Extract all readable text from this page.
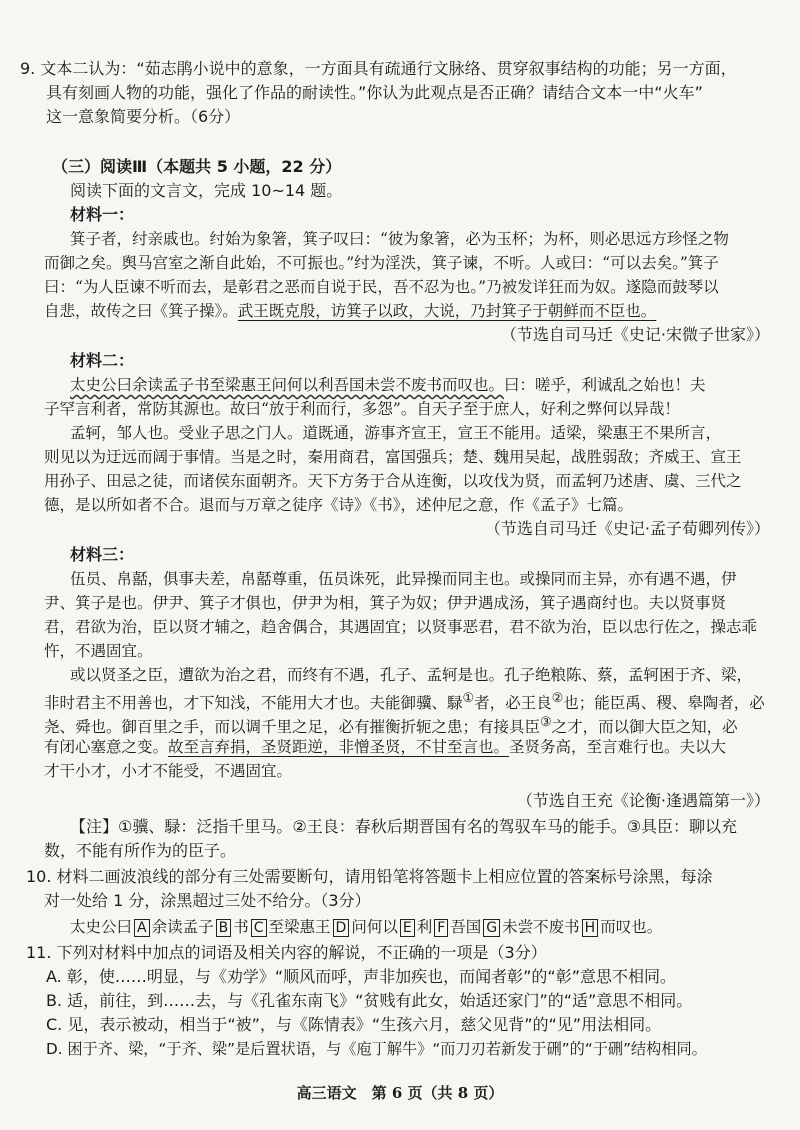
9. 文本二认为：“茹志鹃小说中的意象，一方面具有疏通行文脉络、贯穿叙事结构的功能；另一方面，
具有刻画人物的功能，强化了作品的耐读性。”你认为此观点是否正确？请结合文本一中“火车”
这一意象简要分析。（6分）
（三）阅读Ⅲ（本题共 5 小题，22 分）
阅读下面的文言文，完成 10~14 题。
材料一：
箕子者，纣亲戚也。纣始为象箸，箕子叹曰：“彼为象箸，必为玉杯；为杯，则必思远方珍怪之物
而御之矣。舆马宫室之渐自此始，不可振也。”纣为淫泆，箕子谏，不听。人或曰：“可以去矣。”箕子
曰：“为人臣谏不听而去，是彰君之恶而自说于民，吾不忍为也。”乃被发详狂而为奴。遂隐而鼓琴以
自悲，故传之曰《箕子操》。武王既克殷，访箕子以政，大说，乃封箕子于朝鲜而不臣也。
（节选自司马迁《史记·宋微子世家》）
材料二：
太史公曰余读孟子书至梁惠王问何以利吾国未尝不废书而叹也。曰：嗟乎，利诚乱之始也！夫
子罕言利者，常防其源也。故曰“放于利而行，多怨”。自天子至于庶人，好利之弊何以异哉！
孟轲，邹人也。受业子思之门人。道既通，游事齐宣王，宣王不能用。适梁，梁惠王不果所言，
则见以为迂远而阔于事情。当是之时，秦用商君，富国强兵；楚、魏用吴起，战胜弱敌；齐威王、宣王
用孙子、田忌之徒，而诸侯东面朝齐。天下方务于合从连衡，以攻伐为贤，而孟轲乃述唐、虞、三代之
德，是以所如者不合。退而与万章之徒序《诗》《书》，述仲尼之意，作《孟子》七篇。
（节选自司马迁《史记·孟子荀卿列传》）
材料三：
伍员、帛嚭，俱事夫差，帛嚭尊重，伍员诛死，此异操而同主也。或操同而主异，亦有遇不遇，伊
尹、箕子是也。伊尹、箕子才俱也，伊尹为相，箕子为奴；伊尹遇成汤，箕子遇商纣也。夫以贤事贤
君，君欲为治，臣以贤才辅之，趋舍偶合，其遇固宜；以贤事恶君，君不欲为治，臣以忠行佐之，操志乖
忤，不遇固宜。
或以贤圣之臣，遭欲为治之君，而终有不遇，孔子、孟轲是也。孔子绝粮陈、蔡，孟轲困于齐、梁，
非时君主不用善也，才下知浅，不能用大才也。夫能御骥、騄①者，必王良②也；能臣禹、稷、皋陶者，必
尧、舜也。御百里之手，而以调千里之足，必有摧衡折轭之患；有接具臣③之才，而以御大臣之知，必
有闭心塞意之变。故至言弃捐，圣贤距逆，非憎圣贤，不甘至言也。圣贤务高，至言难行也。夫以大
才干小才，小才不能受，不遇固宜。
（节选自王充《论衡·逢遇篇第一》）
【注】①骥、騄：泛指千里马。②王良：春秋后期晋国有名的驾驭车马的能手。③具臣：聊以充
数，不能有所作为的臣子。
10. 材料二画波浪线的部分有三处需要断句，请用铅笔将答题卡上相应位置的答案标号涂黑，每涂
对一处给 1 分，涂黑超过三处不给分。（3分）
太史公曰 A 余读孟子 B 书 C 至梁惠王 D 问何以 E 利 F 吾国 G 未尝不废书 H 而叹也。
11. 下列对材料中加点的词语及相关内容的解说，不正确的一项是（3分）
A. 彰，使……明显，与《劝学》“顺风而呼，声非加疾也，而闻者彰”的“彰”意思不相同。
B. 适，前往，到……去，与《孔雀东南飞》“贫贱有此女，始适还家门”的“适”意思不相同。
C. 见，表示被动，相当于“被”，与《陈情表》“生孩六月，慈父见背”的“见”用法相同。
D. 困于齐、梁，“于齐、梁”是后置状语，与《庖丁解牛》“而刀刃若新发于硎”的“于硎”结构相同。
高三语文　第 6 页（共 8 页）
